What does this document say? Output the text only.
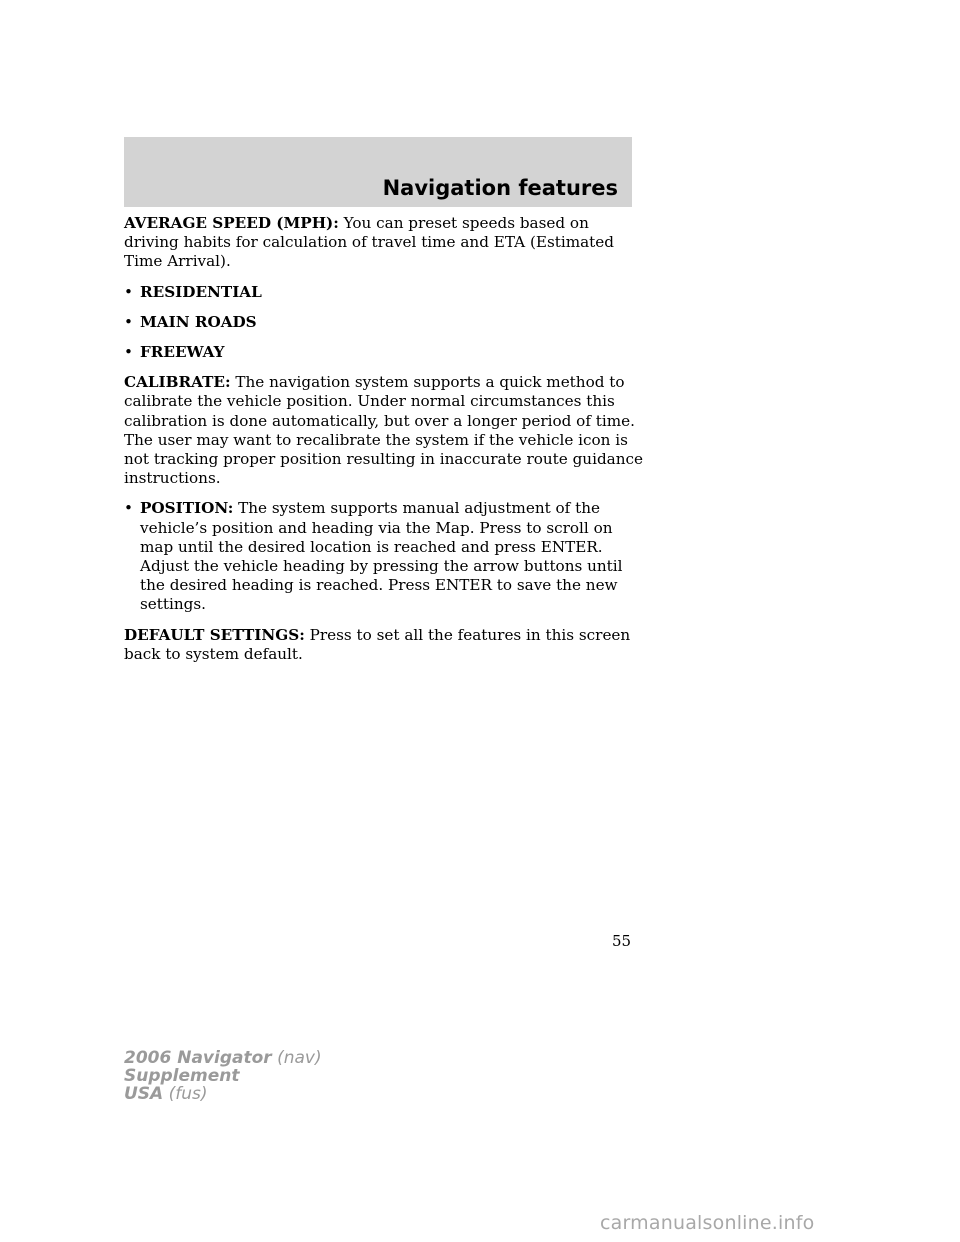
Navigation features

AVERAGE SPEED (MPH): You can preset speeds based on driving habits for calculation of travel time and ETA (Estimated Time Arrival).

• RESIDENTIAL
• MAIN ROADS
• FREEWAY

CALIBRATE: The navigation system supports a quick method to calibrate the vehicle position. Under normal circumstances this calibration is done automatically, but over a longer period of time. The user may want to recalibrate the system if the vehicle icon is not tracking proper position resulting in inaccurate route guidance instructions.

• POSITION: The system supports manual adjustment of the vehicle’s position and heading via the Map. Press to scroll on map until the desired location is reached and press ENTER. Adjust the vehicle heading by pressing the arrow buttons until the desired heading is reached. Press ENTER to save the new settings.

DEFAULT SETTINGS: Press to set all the features in this screen back to system default.

55
2006 Navigator (nav)
Supplement
USA (fus)
carmanualsonline.info
